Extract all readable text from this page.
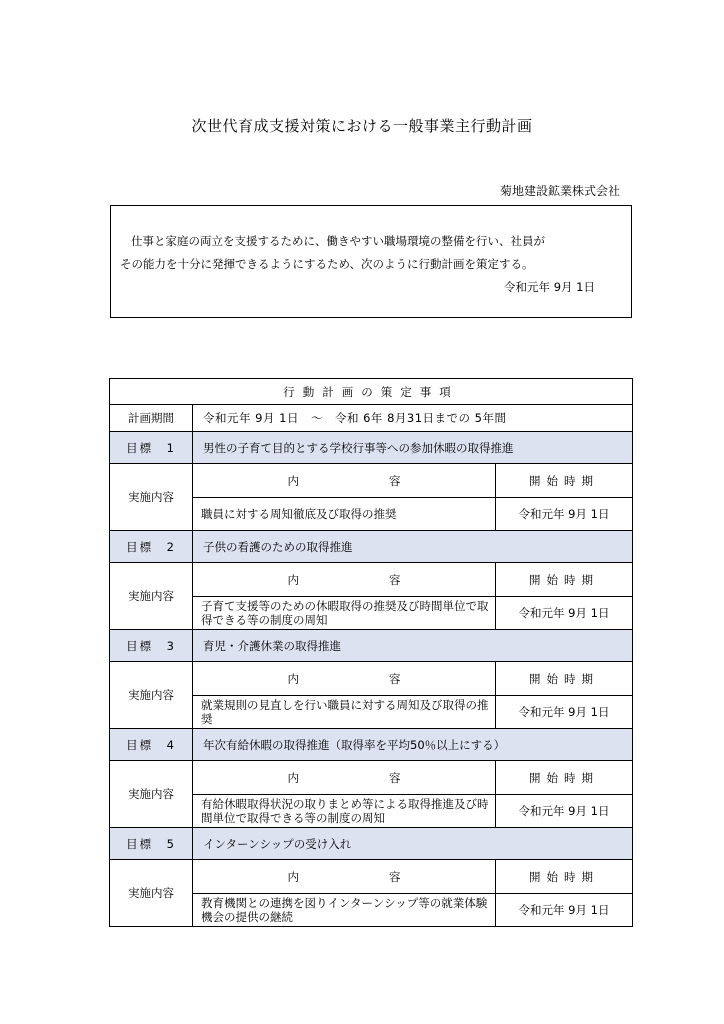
次世代育成支援対策における一般事業主行動計画
菊地建設鉱業株式会社
仕事と家庭の両立を支援するために、働きやすい職場環境の整備を行い、社員が
その能力を十分に発揮できるようにするため、次のように行動計画を策定する。
令和元年 9月 1日
行動計画の策定事項		
計画期間	令和元年 9月 1日　～　令和 6年 8月31日までの 5年間	
目標　1	男性の子育て目的とする学校行事等への参加休暇の取得推進	
実施内容	内 容	開始時期
	職員に対する周知徹底及び取得の推奨	令和元年 9月 1日
目標　2	子供の看護のための取得推進	
実施内容	内 容	開始時期
	子育て支援等のための休暇取得の推奨及び時間単位で取得できる等の制度の周知	令和元年 9月 1日
目標　3	育児・介護休業の取得推進	
実施内容	内 容	開始時期
	就業規則の見直しを行い職員に対する周知及び取得の推奨	令和元年 9月 1日
目標　4	年次有給休暇の取得推進（取得率を平均50％以上にする）	
実施内容	内 容	開始時期
	有給休暇取得状況の取りまとめ等による取得推進及び時間単位で取得できる等の制度の周知	令和元年 9月 1日
目標　5	インターンシップの受け入れ	
実施内容	内 容	開始時期
	教育機関との連携を図りインターンシップ等の就業体験機会の提供の継続	令和元年 9月 1日
